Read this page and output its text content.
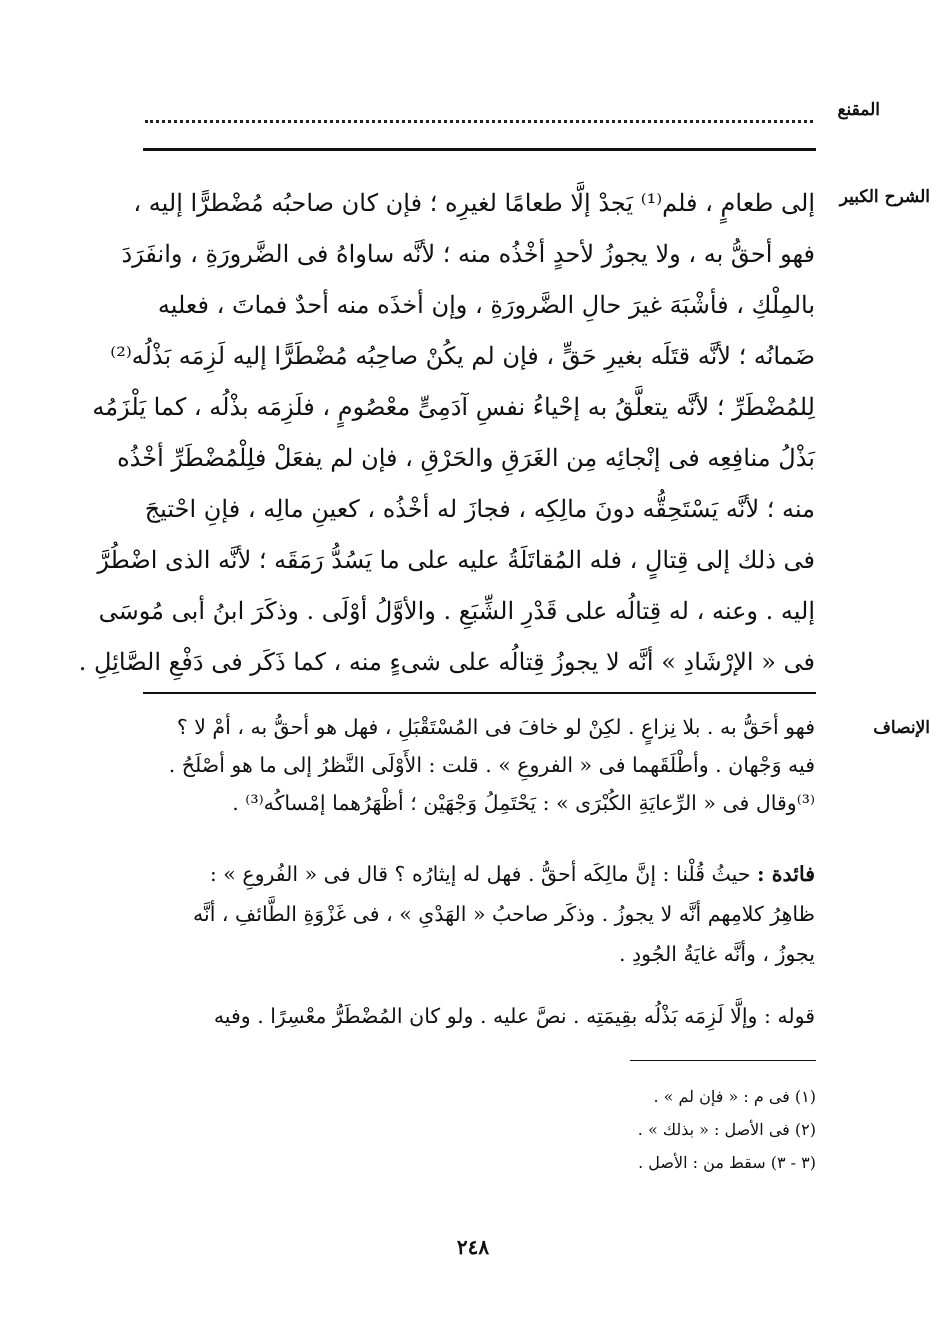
المقنع
الشرح الكبير
إلى طعامٍ ، فلم⁽¹⁾ يَجدْ إلَّا طعامًا لغيرِه ؛ فإن كان صاحبُه مُضْطرًّا إليه ،
فهو أحقُّ به ، ولا يجوزُ لأحدٍ أخْذُه منه ؛ لأنَّه ساواهُ فى الضَّرورَةِ ، وانفَرَدَ
بالمِلْكِ ، فأشْبَهَ غيرَ حالِ الضَّرورَةِ ، وإن أخذَه منه أحدٌ فماتَ ، فعليه
ضَمانُه ؛ لأنَّه قتَلَه بغيرِ حَقٍّ ، فإن لم يكُنْ صاحِبُه مُضْطَرًّا إليه لَزِمَه بَذْلُه⁽²⁾
لِلمُضْطَرِّ ؛ لأنَّه يتعلَّقُ به إحْياءُ نفسِ آدَمِىٍّ معْصُومٍ ، فلَزِمَه بذْلُه ، كما يَلْزَمُه
بَذْلُ منافِعِه فى إنْجائِه مِن الغَرَقِ والحَرْقِ ، فإن لم يفعَلْ فلِلْمُضْطَرِّ أخْذُه
منه ؛ لأنَّه يَسْتَحِقُّه دونَ مالِكِه ، فجازَ له أخْذُه ، كعينِ مالِه ، فإنِ احْتيجَ
فى ذلك إلى قِتالٍ ، فله المُقاتَلَةُ عليه على ما يَسُدُّ رَمَقَه ؛ لأنَّه الذى اضْطُرَّ
إليه . وعنه ، له قِتالُه على قَدْرِ الشِّبَعِ . والأوَّلُ أوْلَى . وذكَرَ ابنُ أبى مُوسَى
فى « الإرْشَادِ » أنَّه لا يجوزُ قِتالُه على شىءٍ منه ، كما ذَكَر فى دَفْعِ الصَّائِلِ .
الإنصاف
فهو أحَقُّ به . بلا نِزاعٍ . لكِنْ لو خافَ فى المُسْتَقْبَلِ ، فهل هو أحقُّ به ، أمْ لا ؟
فيه وَجْهان . وأطْلَقَهما فى « الفروعِ » . قلت : الأَوْلَى النَّظرُ إلى ما هو أصْلَحُ .
⁽³⁾وقال فى « الرِّعايَةِ الكُبْرَى » : يَحْتَمِلُ وَجْهَيْن ؛ أظْهَرُهما إمْساكُه⁽³⁾ .
فائدة : حيثُ قُلْنا : إنَّ مالِكَه أحقُّ . فهل له إيثارُه ؟ قال فى « الفُروعِ » :
ظاهِرُ كلامِهم أنَّه لا يجوزُ . وذكَر صاحبُ « الهَدْىِ » ، فى غَزْوَةِ الطَّائفِ ، أنَّه
يجوزُ ، وأنَّه غايَةُ الجُودِ .
قوله : وإلَّا لَزِمَه بَذْلُه بقِيمَتِه . نصَّ عليه . ولو كان المُضْطَرُّ معْسِرًا . وفيه
(١) فى م : « فإن لم » .
(٢) فى الأصل : « بذلك » .
(٣ - ٣) سقط من : الأصل .
٢٤٨
